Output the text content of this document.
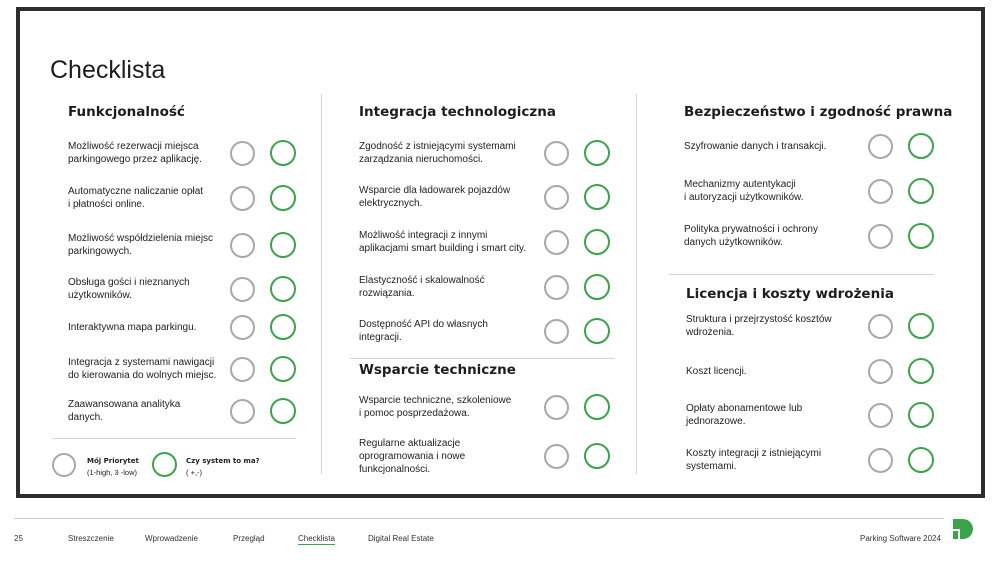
Checklista
Funkcjonalność	Integracja technologiczna
Wsparcie techniczne
Bezpieczeństwo i zgodność prawna
Licencja i koszty wdrożenia
Możliwość rezerwacji miejsca
parkingowego przez aplikację.
Automatyczne naliczanie opłat
i płatności online.
Możliwość współdzielenia miejsc
parkingowych.
Obsługa gości i nieznanych
użytkowników.
Interaktywna mapa parkingu.
Integracja z systemami nawigacji
do kierowania do wolnych miejsc.
Zaawansowana analityka
danych.
Zgodność z istniejącymi systemami
zarządzania nieruchomości.
Wsparcie dla ładowarek pojazdów
elektrycznych.
Możliwość integracji z innymi
aplikacjami smart building i smart city.
Elastyczność i skalowalność
rozwiązania.
Dostępność API do własnych
integracji.
Wsparcie techniczne, szkoleniowe
i pomoc posprzedażowa.
Regularne aktualizacje
oprogramowania i nowe
funkcjonalności.
Szyfrowanie danych i transakcji.
Mechanizmy autentykacji
i autoryzacji użytkowników.
Polityka prywatności i ochrony
danych użytkowników.
Struktura i przejrzystość kosztów
wdrożenia.
Koszt licencji.
Opłaty abonamentowe lub
jednorazowe.
Koszty integracji z istniejącymi
systemami.
Mój Priorytet
(1-high, 3 -low)
Czy system to ma?
( +,-)
25	Streszczenie	Wprowadzenie	Przegląd	Checklista	Digital Real Estate	Parking Software 2024
